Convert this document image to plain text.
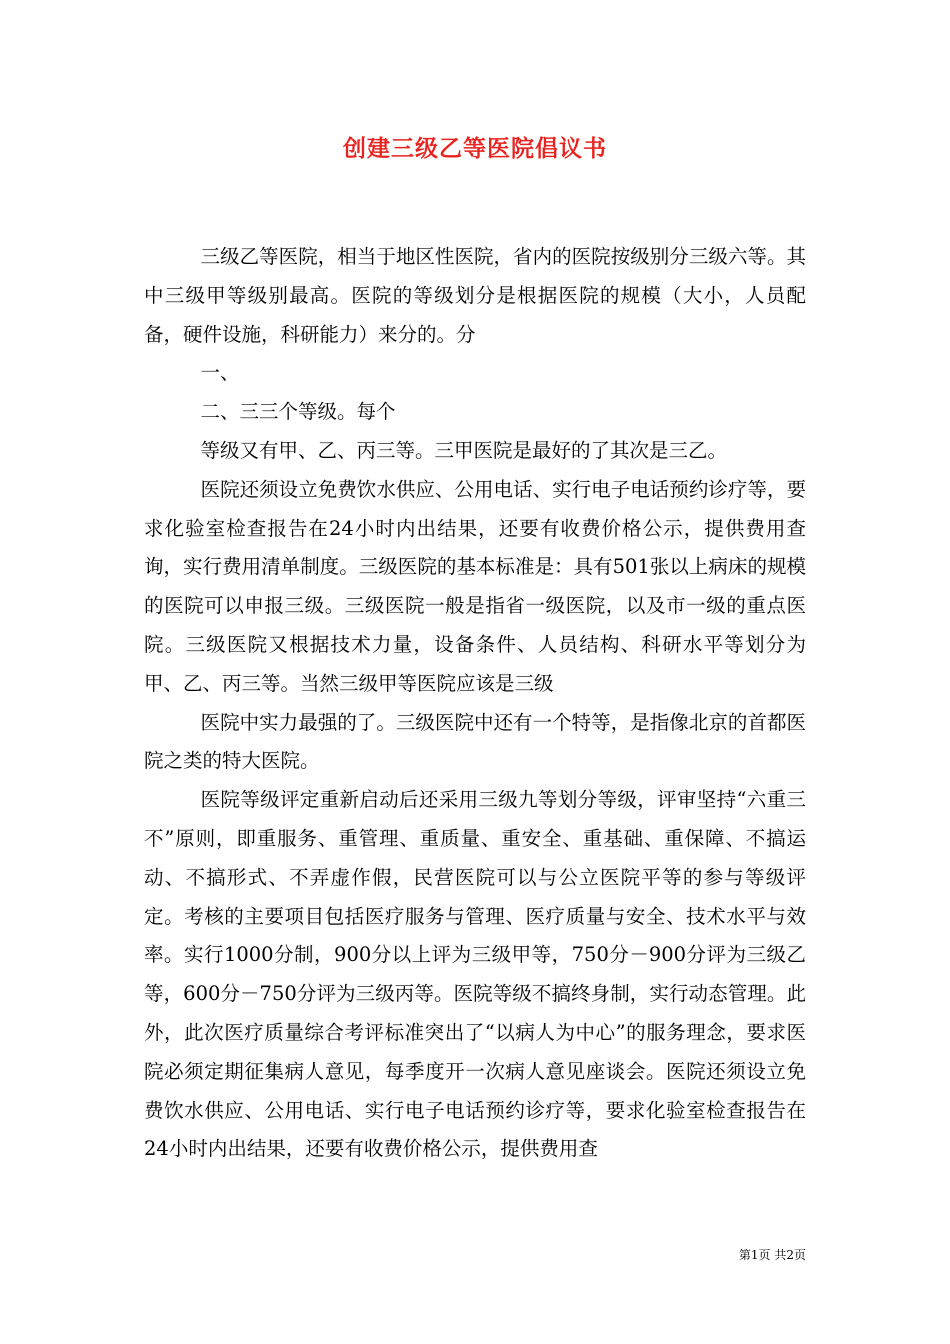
创建三级乙等医院倡议书

三级乙等医院，相当于地区性医院，省内的医院按级别分三级六等。其中三级甲等级别最高。医院的等级划分是根据医院的规模（大小，人员配备，硬件设施，科研能力）来分的。分

一、

二、三三个等级。每个

等级又有甲、乙、丙三等。三甲医院是最好的了其次是三乙。

医院还须设立免费饮水供应、公用电话、实行电子电话预约诊疗等，要求化验室检查报告在24小时内出结果，还要有收费价格公示，提供费用查询，实行费用清单制度。三级医院的基本标准是：具有501张以上病床的规模的医院可以申报三级。三级医院一般是指省一级医院，以及市一级的重点医院。三级医院又根据技术力量，设备条件、人员结构、科研水平等划分为甲、乙、丙三等。当然三级甲等医院应该是三级

医院中实力最强的了。三级医院中还有一个特等，是指像北京的首都医院之类的特大医院。

医院等级评定重新启动后还采用三级九等划分等级，评审坚持“六重三不”原则，即重服务、重管理、重质量、重安全、重基础、重保障、不搞运动、不搞形式、不弄虚作假，民营医院可以与公立医院平等的参与等级评定。考核的主要项目包括医疗服务与管理、医疗质量与安全、技术水平与效率。实行1000分制，900分以上评为三级甲等，750分－900分评为三级乙等，600分－750分评为三级丙等。医院等级不搞终身制，实行动态管理。此外，此次医疗质量综合考评标准突出了“以病人为中心”的服务理念，要求医院必须定期征集病人意见，每季度开一次病人意见座谈会。医院还须设立免费饮水供应、公用电话、实行电子电话预约诊疗等，要求化验室检查报告在24小时内出结果，还要有收费价格公示，提供费用查

第1页 共2页
